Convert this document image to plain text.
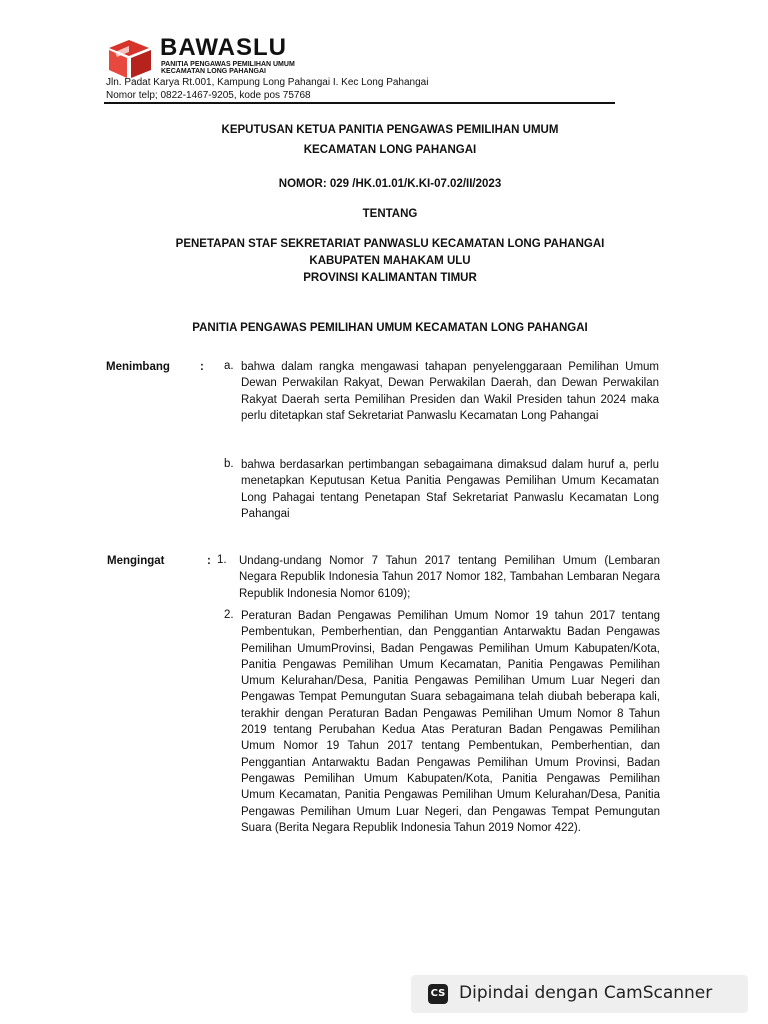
BAWASLU
PANITIA PENGAWAS PEMILIHAN UMUM
KECAMATAN LONG PAHANGAI
Jln. Padat Karya Rt.001, Kampung Long Pahangai I. Kec Long Pahangai
Nomor telp; 0822-1467-9205, kode pos 75768
KEPUTUSAN KETUA PANITIA PENGAWAS PEMILIHAN UMUM
KECAMATAN LONG PAHANGAI
NOMOR: 029 /HK.01.01/K.KI-07.02/II/2023
TENTANG
PENETAPAN STAF SEKRETARIAT PANWASLU KECAMATAN LONG PAHANGAI
KABUPATEN MAHAKAM ULU
PROVINSI KALIMANTAN TIMUR
PANITIA PENGAWAS PEMILIHAN UMUM KECAMATAN LONG PAHANGAI
Menimbang	: a. bahwa dalam rangka mengawasi tahapan penyelenggaraan Pemilihan Umum Dewan Perwakilan Rakyat, Dewan Perwakilan Daerah, dan Dewan Perwakilan Rakyat Daerah serta Pemilihan Presiden dan Wakil Presiden tahun 2024 maka perlu ditetapkan staf Sekretariat Panwaslu Kecamatan Long Pahangai
b. bahwa berdasarkan pertimbangan sebagaimana dimaksud dalam huruf a, perlu menetapkan Keputusan Ketua Panitia Pengawas Pemilihan Umum Kecamatan Long Pahagai tentang Penetapan Staf Sekretariat Panwaslu Kecamatan Long Pahangai
Mengingat	: 1. Undang-undang Nomor 7 Tahun 2017 tentang Pemilihan Umum (Lembaran Negara Republik Indonesia Tahun 2017 Nomor 182, Tambahan Lembaran Negara Republik Indonesia Nomor 6109);
2. Peraturan Badan Pengawas Pemilihan Umum Nomor 19 tahun 2017 tentang Pembentukan, Pemberhentian, dan Penggantian Antarwaktu Badan Pengawas Pemilihan UmumProvinsi, Badan Pengawas Pemilihan Umum Kabupaten/Kota, Panitia Pengawas Pemilihan Umum Kecamatan, Panitia Pengawas Pemilihan Umum Kelurahan/Desa, Panitia Pengawas Pemilihan Umum Luar Negeri dan Pengawas Tempat Pemungutan Suara sebagaimana telah diubah beberapa kali, terakhir dengan Peraturan Badan Pengawas Pemilihan Umum Nomor 8 Tahun 2019 tentang Perubahan Kedua Atas Peraturan Badan Pengawas Pemilihan Umum Nomor 19 Tahun 2017 tentang Pembentukan, Pemberhentian, dan Penggantian Antarwaktu Badan Pengawas Pemilihan Umum Provinsi, Badan Pengawas Pemilihan Umum Kabupaten/Kota, Panitia Pengawas Pemilihan Umum Kecamatan, Panitia Pengawas Pemilihan Umum Kelurahan/Desa, Panitia Pengawas Pemilihan Umum Luar Negeri, dan Pengawas Tempat Pemungutan Suara (Berita Negara Republik Indonesia Tahun 2019 Nomor 422).
CS Dipindai dengan CamScanner
